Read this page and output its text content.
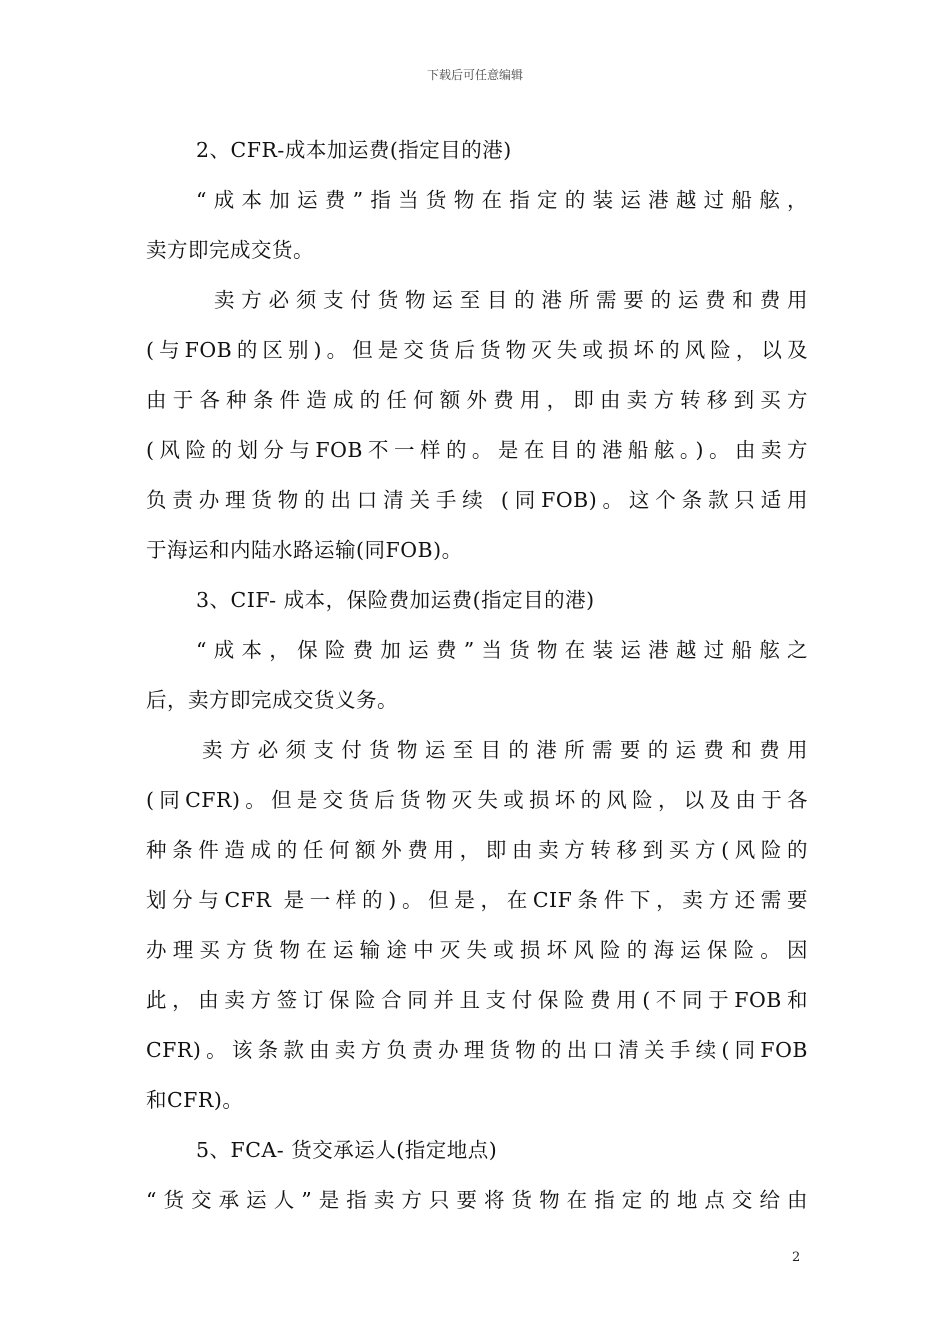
下载后可任意编辑
2、CFR-成本加运费(指定目的港)
“成本加运费”指当货物在指定的装运港越过船舷，
卖方即完成交货。
卖方必须支付货物运至目的港所需要的运费和费用
(与FOB的区别)。但是交货后货物灭失或损坏的风险，以及
由于各种条件造成的任何额外费用，即由卖方转移到买方
(风险的划分与FOB不一样的。是在目的港船舷。)。由卖方
负责办理货物的出口清关手续 (同FOB)。这个条款只适用
于海运和内陆水路运输(同FOB)。
3、CIF- 成本，保险费加运费(指定目的港)
“成本，保险费加运费”当货物在装运港越过船舷之
后，卖方即完成交货义务。
卖方必须支付货物运至目的港所需要的运费和费用
(同CFR)。但是交货后货物灭失或损坏的风险，以及由于各
种条件造成的任何额外费用，即由卖方转移到买方(风险的
划分与CFR 是一样的)。但是，在CIF条件下，卖方还需要
办理买方货物在运输途中灭失或损坏风险的海运保险。因
此，由卖方签订保险合同并且支付保险费用(不同于FOB和
CFR)。该条款由卖方负责办理货物的出口清关手续(同FOB
和CFR)。
5、FCA- 货交承运人(指定地点)
“货交承运人”是指卖方只要将货物在指定的地点交给由
2
